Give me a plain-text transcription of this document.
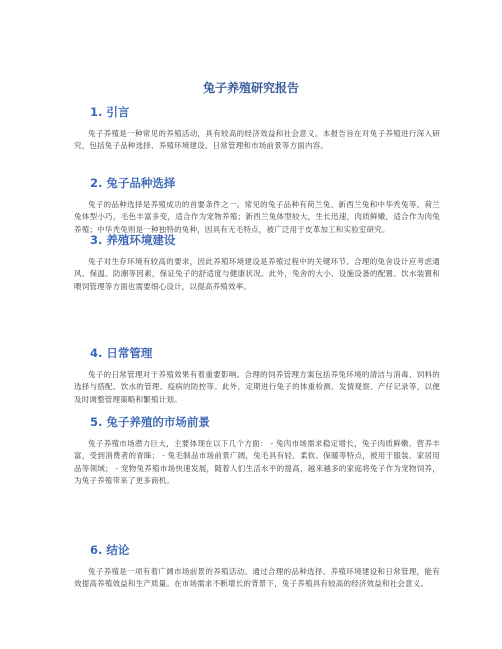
兔子养殖研究报告
1. 引言

兔子养殖是一种常见的养殖活动，具有较高的经济效益和社会意义。本报告旨在对兔子养殖进行深入研究，包括兔子品种选择、养殖环境建设、日常管理和市场前景等方面内容。

2. 兔子品种选择

兔子的品种选择是养殖成功的首要条件之一。常见的兔子品种有荷兰兔、新西兰兔和中华秃兔等。荷兰兔体型小巧，毛色丰富多变，适合作为宠物养殖；新西兰兔体型较大，生长迅速，肉质鲜嫩，适合作为肉兔养殖；中华秃兔则是一种独特的兔种，因具有无毛特点，被广泛用于皮革加工和实验室研究。

3. 养殖环境建设

兔子对生存环境有较高的要求，因此养殖环境建设是养殖过程中的关键环节。合理的兔舍设计应考虑通风、保温、防潮等因素，保证兔子的舒适度与健康状况。此外，兔舍的大小、设施设备的配置、饮水装置和喂饲管理等方面也需要细心设计，以提高养殖效率。

4. 日常管理

兔子的日常管理对于养殖效果有着重要影响。合理的饲养管理方案包括养兔环境的清洁与消毒、饲料的选择与搭配、饮水的管理、疫病的防控等。此外，定期进行兔子的体重检测、发情观察、产仔记录等，以便及时调整管理策略和繁殖计划。

5. 兔子养殖的市场前景

兔子养殖市场潜力巨大，主要体现在以下几个方面： - 兔肉市场需求稳定增长，兔子肉质鲜嫩、营养丰富，受到消费者的青睐； - 兔毛制品市场前景广阔，兔毛具有轻、柔软、保暖等特点，被用于服装、家居用品等领域； - 宠物兔养殖市场快速发展，随着人们生活水平的提高，越来越多的家庭将兔子作为宠物饲养，为兔子养殖带来了更多商机。

6. 结论

兔子养殖是一项有着广阔市场前景的养殖活动。通过合理的品种选择、养殖环境建设和日常管理，能有效提高养殖效益和生产质量。在市场需求不断增长的背景下，兔子养殖具有较高的经济效益和社会意义。
